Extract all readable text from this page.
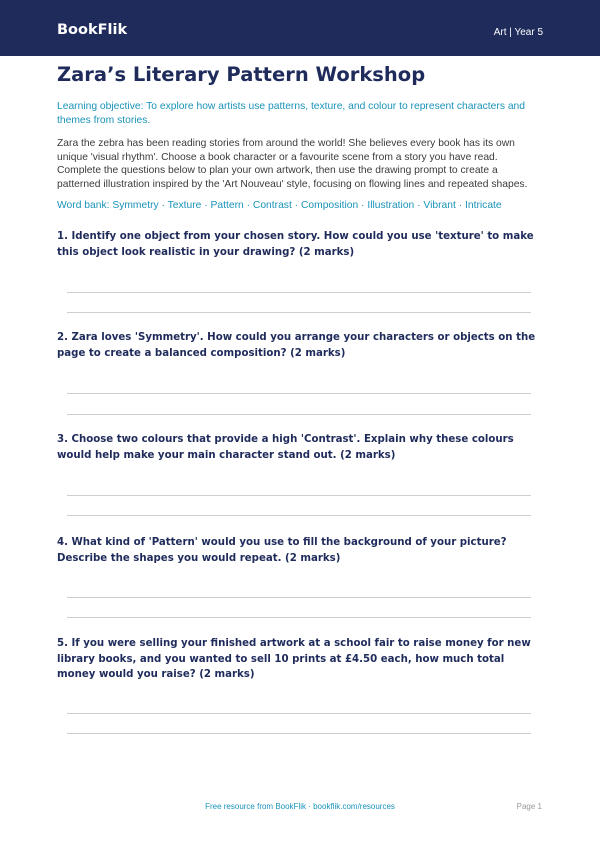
BookFlik	Art | Year 5
Zara’s Literary Pattern Workshop

Learning objective: To explore how artists use patterns, texture, and colour to represent characters and themes from stories.

Zara the zebra has been reading stories from around the world! She believes every book has its own unique 'visual rhythm'. Choose a book character or a favourite scene from a story you have read. Complete the questions below to plan your own artwork, then use the drawing prompt to create a patterned illustration inspired by the 'Art Nouveau' style, focusing on flowing lines and repeated shapes.

Word bank: Symmetry · Texture · Pattern · Contrast · Composition · Illustration · Vibrant · Intricate

1. Identify one object from your chosen story. How could you use 'texture' to make this object look realistic in your drawing? (2 marks)

2. Zara loves 'Symmetry'. How could you arrange your characters or objects on the page to create a balanced composition? (2 marks)

3. Choose two colours that provide a high 'Contrast'. Explain why these colours would help make your main character stand out. (2 marks)

4. What kind of 'Pattern' would you use to fill the background of your picture? Describe the shapes you would repeat. (2 marks)

5. If you were selling your finished artwork at a school fair to raise money for new library books, and you wanted to sell 10 prints at £4.50 each, how much total money would you raise? (2 marks)

Free resource from BookFlik · bookflik.com/resources	Page 1
